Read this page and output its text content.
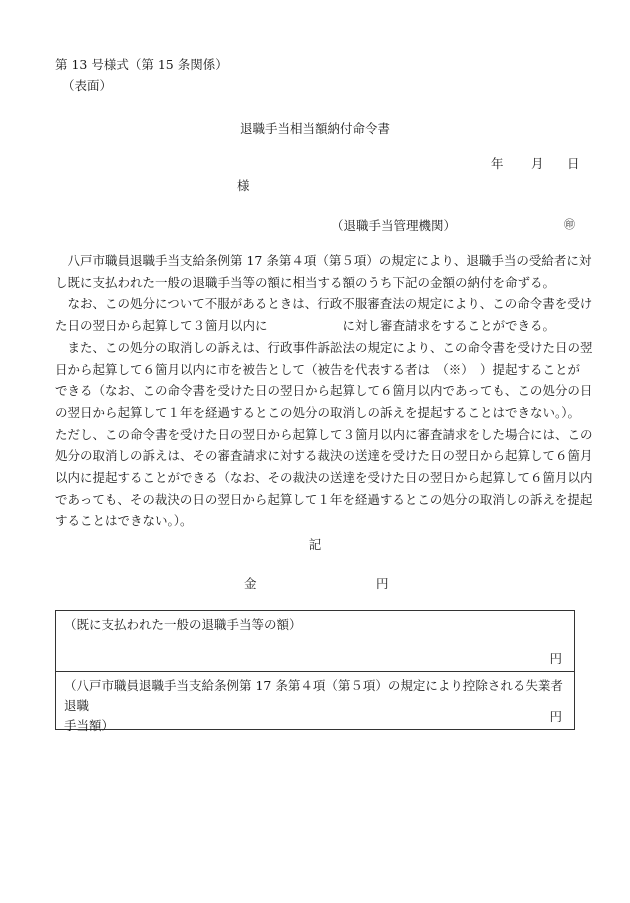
第 13 号様式（第 15 条関係）
（表面）
退職手当相当額納付命令書
年 月 日
様
（退職手当管理機関）	㊞

　八戸市職員退職手当支給条例第 17 条第４項（第５項）の規定により、退職手当の受給者に対

し既に支払われた一般の退職手当等の額に相当する額のうち下記の金額の納付を命ずる。

　なお、この処分について不服があるときは、行政不服審査法の規定により、この命令書を受け

た日の翌日から起算して３箇月以内に　　　　　　に対し審査請求をすることができる。

　また、この処分の取消しの訴えは、行政事件訴訟法の規定により、この命令書を受けた日の翌

日から起算して６箇月以内に市を被告として（被告を代表する者は　（※）　）提起することが

できる（なお、この命令書を受けた日の翌日から起算して６箇月以内であっても、この処分の日

の翌日から起算して１年を経過するとこの処分の取消しの訴えを提起することはできない。）。

ただし、この命令書を受けた日の翌日から起算して３箇月以内に審査請求をした場合には、この

処分の取消しの訴えは、その審査請求に対する裁決の送達を受けた日の翌日から起算して６箇月

以内に提起することができる（なお、その裁決の送達を受けた日の翌日から起算して６箇月以内

であっても、その裁決の日の翌日から起算して１年を経過するとこの処分の取消しの訴えを提起

することはできない。）。

記
金	円
（既に支払われた一般の退職手当等の額）
円
（八戸市職員退職手当支給条例第 17 条第４項（第５項）の規定により控除される失業者退職
手当額）
円
